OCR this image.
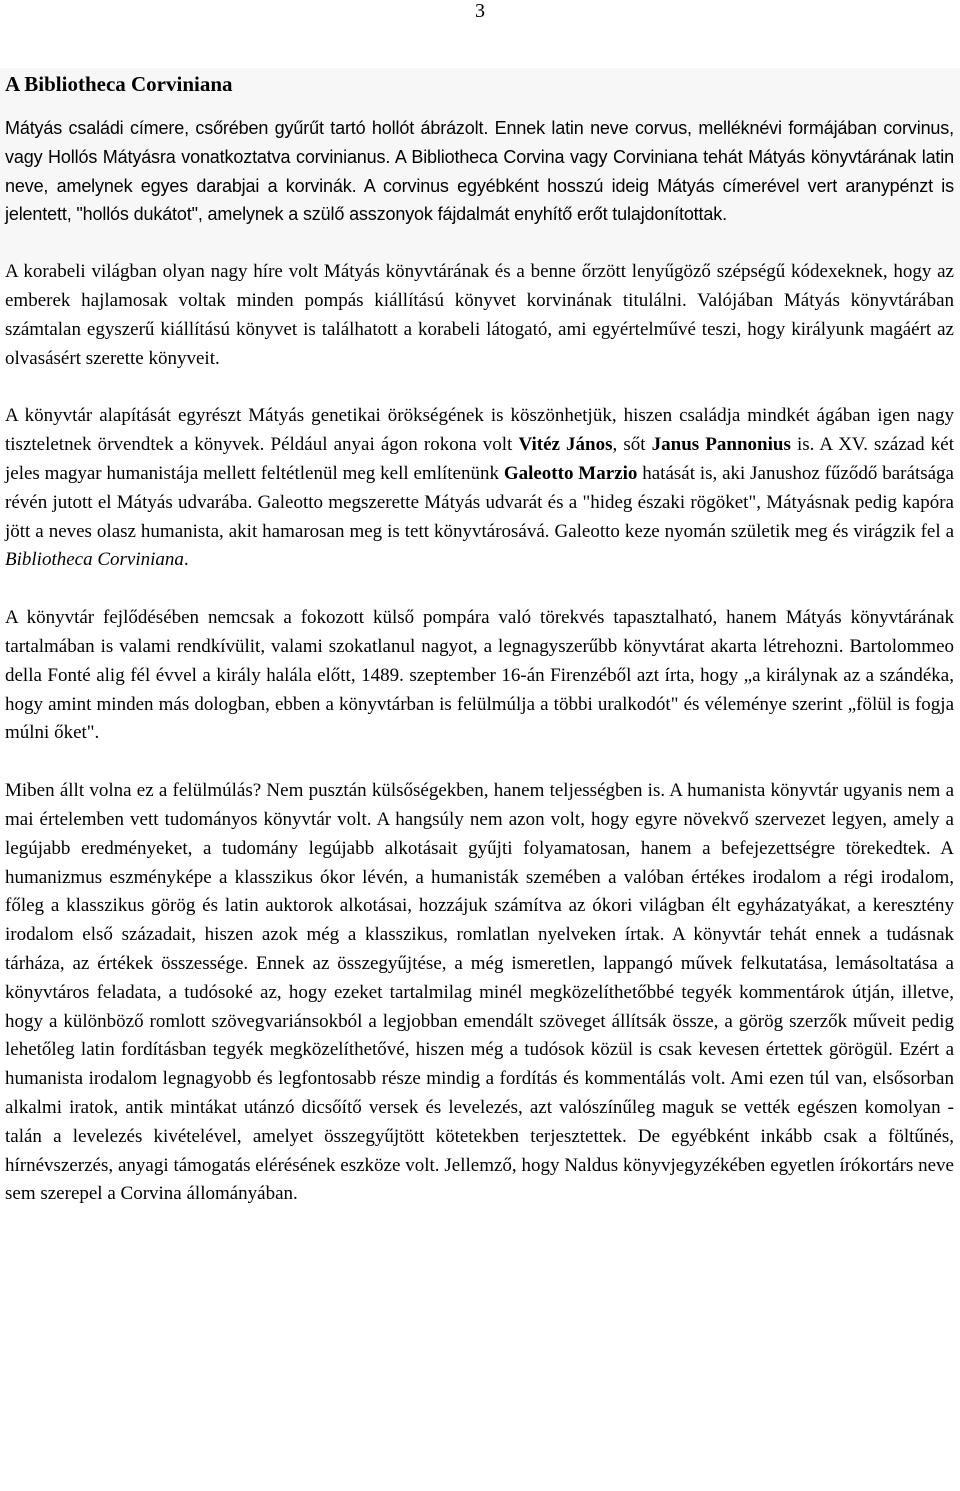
3
A Bibliotheca Corviniana

Mátyás családi címere, csőrében gyűrűt tartó hollót ábrázolt. Ennek latin neve corvus, melléknévi formájában corvinus, vagy Hollós Mátyásra vonatkoztatva corvinianus. A Bibliotheca Corvina vagy Corviniana tehát Mátyás könyvtárának latin neve, amelynek egyes darabjai a korvinák. A corvinus egyébként hosszú ideig Mátyás címerével vert aranypénzt is jelentett, "hollós dukátot", amelynek a szülő asszonyok fájdalmát enyhítő erőt tulajdonítottak.

A korabeli világban olyan nagy híre volt Mátyás könyvtárának és a benne őrzött lenyűgöző szépségű kódexeknek, hogy az emberek hajlamosak voltak minden pompás kiállítású könyvet korvinának titulálni. Valójában Mátyás könyvtárában számtalan egyszerű kiállítású könyvet is találhatott a korabeli látogató, ami egyértelművé teszi, hogy királyunk magáért az olvasásért szerette könyveit.

A könyvtár alapítását egyrészt Mátyás genetikai örökségének is köszönhetjük, hiszen családja mindkét ágában igen nagy tiszteletnek örvendtek a könyvek. Például anyai ágon rokona volt Vitéz János, sőt Janus Pannonius is. A XV. század két jeles magyar humanistája mellett feltétlenül meg kell említenünk Galeotto Marzio hatását is, aki Janushoz fűződő barátsága révén jutott el Mátyás udvarába. Galeotto megszerette Mátyás udvarát és a "hideg északi rögöket", Mátyásnak pedig kapóra jött a neves olasz humanista, akit hamarosan meg is tett könyvtárosává. Galeotto keze nyomán születik meg és virágzik fel a Bibliotheca Corviniana.

A könyvtár fejlődésében nemcsak a fokozott külső pompára való törekvés tapasztalható, hanem Mátyás könyvtárának tartalmában is valami rendkívülit, valami szokatlanul nagyot, a legnagyszerűbb könyvtárat akarta létrehozni. Bartolommeo della Fonté alig fél évvel a király halála előtt, 1489. szeptember 16-án Firenzéből azt írta, hogy „a királynak az a szándéka, hogy amint minden más dologban, ebben a könyvtárban is felülmúlja a többi uralkodót" és véleménye szerint „fölül is fogja múlni őket".

Miben állt volna ez a felülmúlás? Nem pusztán külsőségekben, hanem teljességben is. A humanista könyvtár ugyanis nem a mai értelemben vett tudományos könyvtár volt. A hangsúly nem azon volt, hogy egyre növekvő szervezet legyen, amely a legújabb eredményeket, a tudomány legújabb alkotásait gyűjti folyamatosan, hanem a befejezettségre törekedtek. A humanizmus eszményképe a klasszikus ókor lévén, a humanisták szemében a valóban értékes irodalom a régi irodalom, főleg a klasszikus görög és latin auktorok alkotásai, hozzájuk számítva az ókori világban élt egyházatyákat, a keresztény irodalom első századait, hiszen azok még a klasszikus, romlatlan nyelveken írtak. A könyvtár tehát ennek a tudásnak tárháza, az értékek összessége. Ennek az összegyűjtése, a még ismeretlen, lappangó művek felkutatása, lemásoltatása a könyvtáros feladata, a tudósoké az, hogy ezeket tartalmilag minél megközelíthetőbbé tegyék kommentárok útján, illetve, hogy a különböző romlott szövegvariánsokból a legjobban emendált szöveget állítsák össze, a görög szerzők műveit pedig lehetőleg latin fordításban tegyék megközelíthetővé, hiszen még a tudósok közül is csak kevesen értettek görögül. Ezért a humanista irodalom legnagyobb és legfontosabb része mindig a fordítás és kommentálás volt. Ami ezen túl van, elsősorban alkalmi iratok, antik mintákat utánzó dicsőítő versek és levelezés, azt valószínűleg maguk se vették egészen komolyan - talán a levelezés kivételével, amelyet összegyűjtött kötetekben terjesztettek. De egyébként inkább csak a föltűnés, hírnévszerzés, anyagi támogatás elérésének eszköze volt. Jellemző, hogy Naldus könyvjegyzékében egyetlen írókortárs neve sem szerepel a Corvina állományában.
